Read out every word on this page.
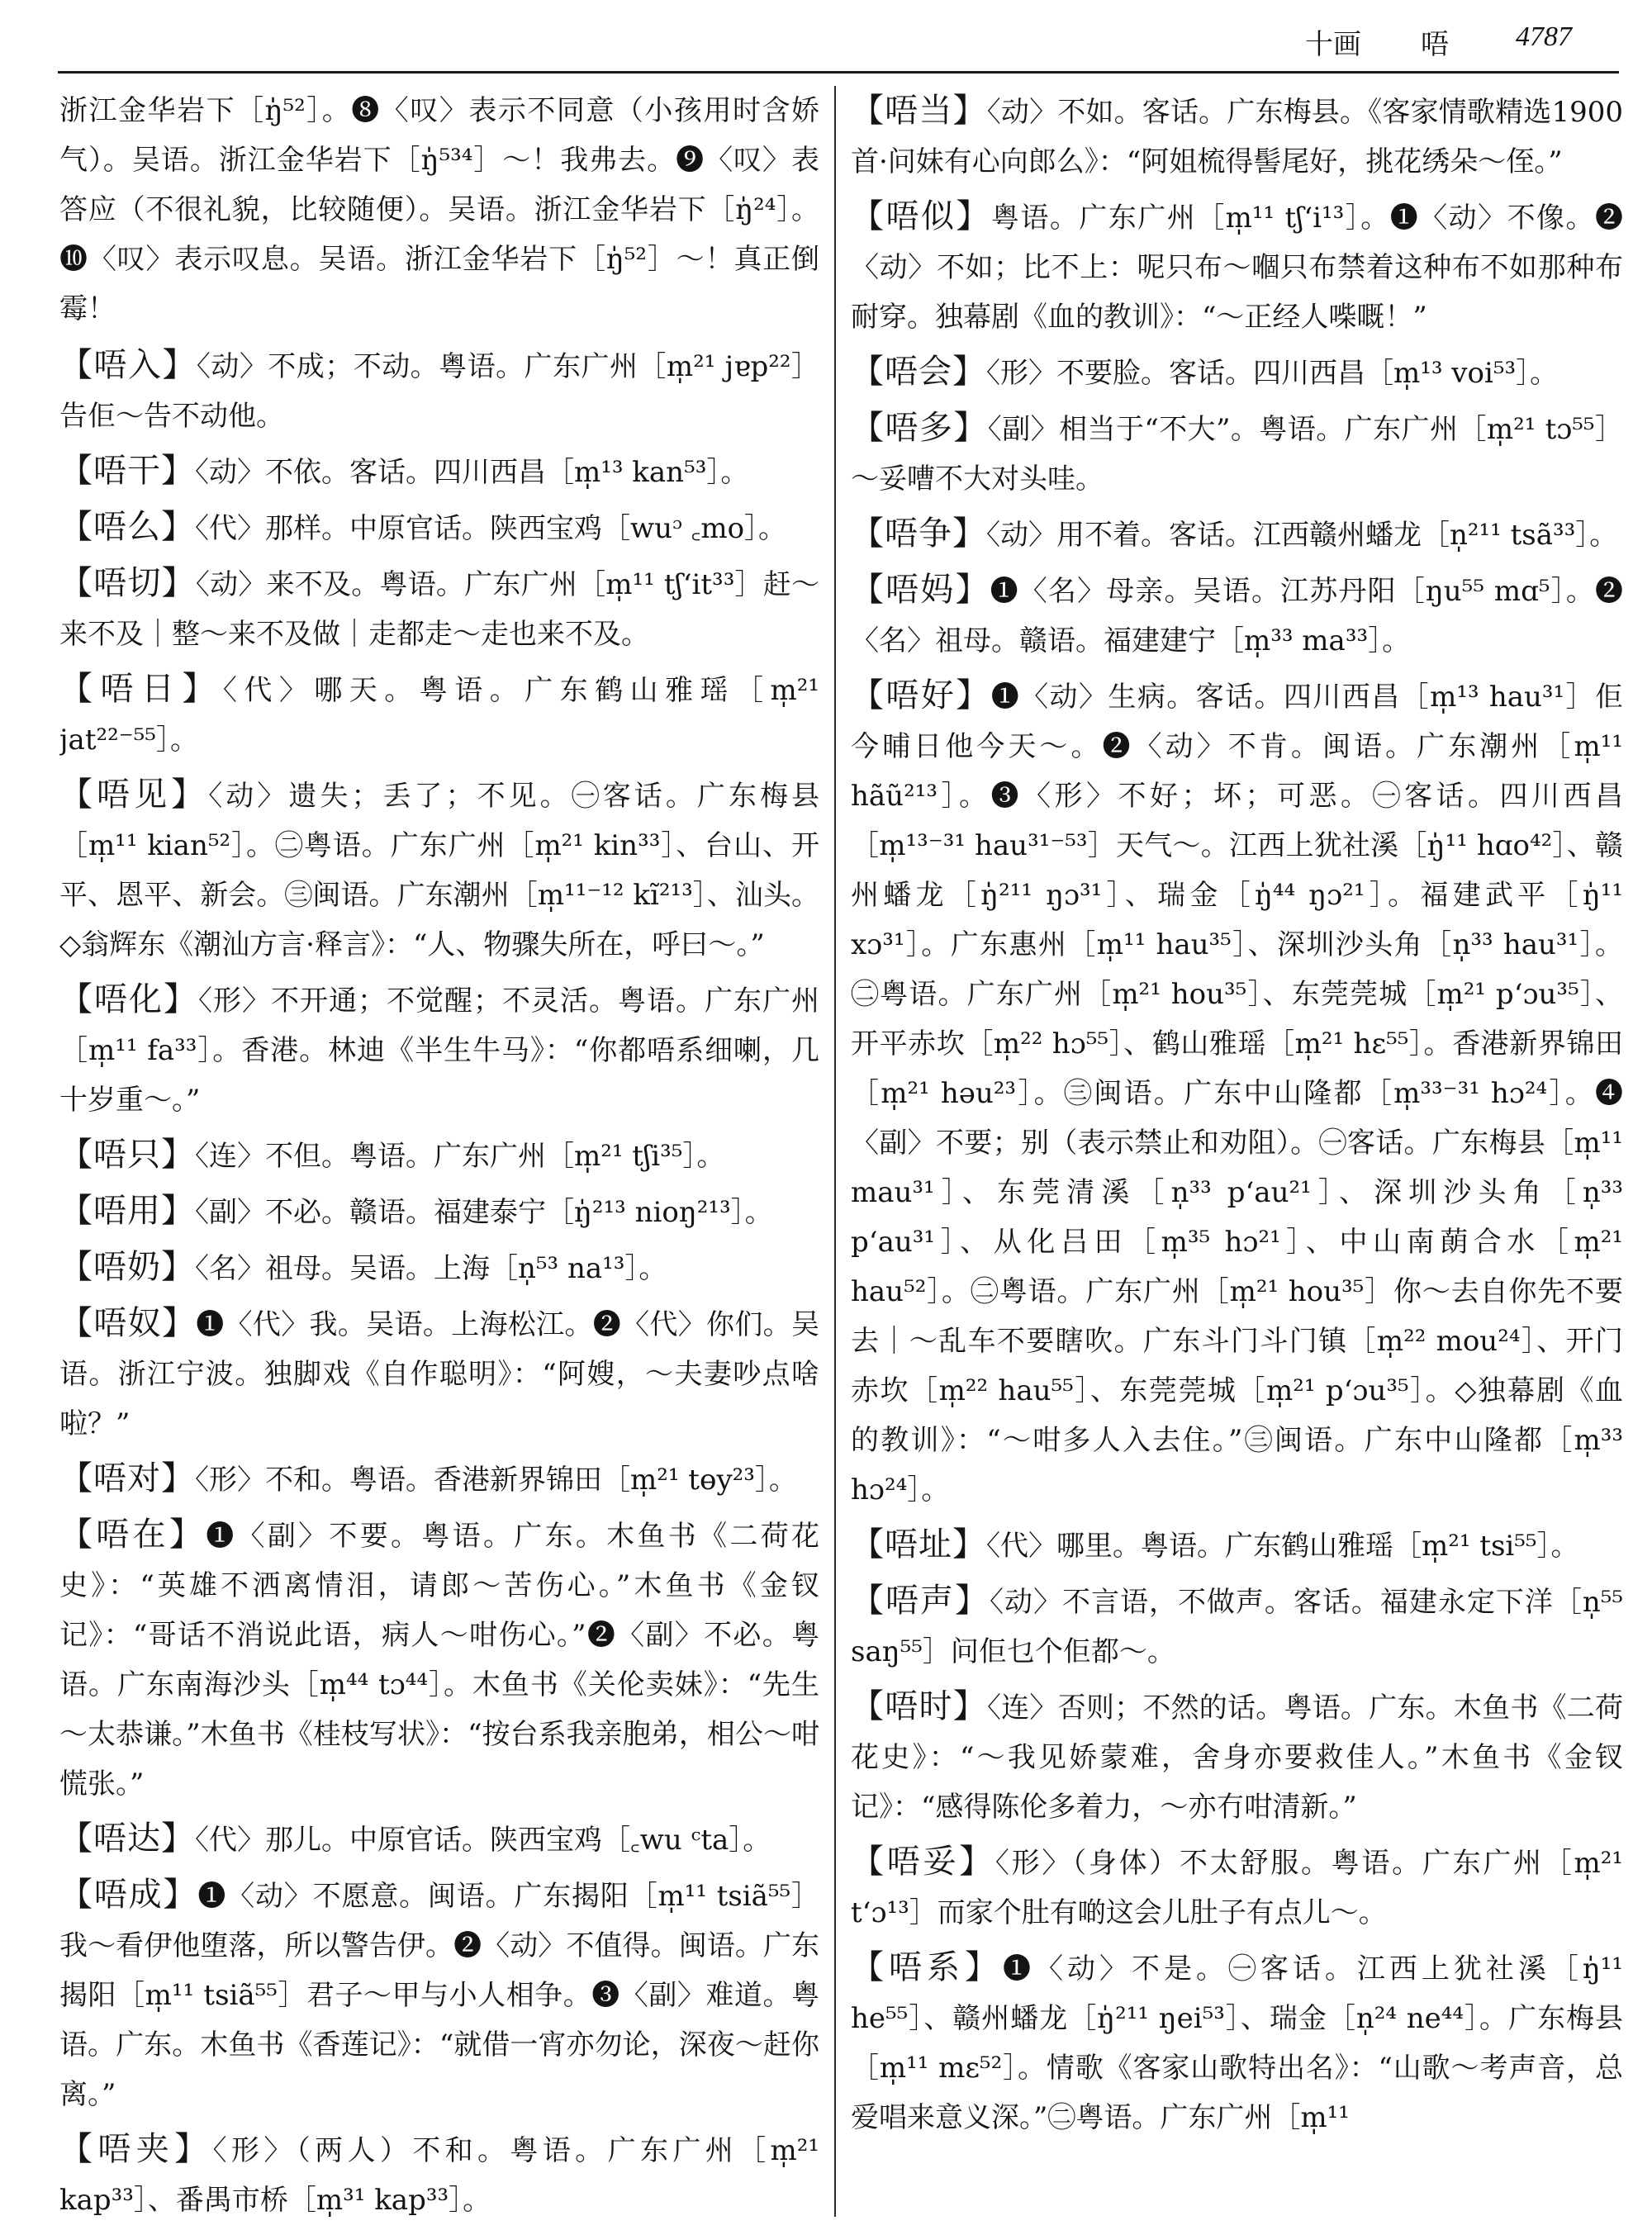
十画 唔 4787
浙江金华岩下［ŋ̍⁵²］。❽〈叹〉表示不同意（小孩用时含娇气）。吴语。浙江金华岩下［ŋ̍⁵³⁴］～！我弗去。❾〈叹〉表答应（不很礼貌，比较随便）。吴语。浙江金华岩下［ŋ̍²⁴］。❿〈叹〉表示叹息。吴语。浙江金华岩下［ŋ̍⁵²］～！真正倒霉！
【唔入】〈动〉不成；不动。粤语。广东广州［m̩²¹ jɐp²²］告佢～告不动他。
【唔干】〈动〉不依。客话。四川西昌［m̩¹³ kan⁵³］。
【唔么】〈代〉那样。中原官话。陕西宝鸡［wuᵓ ꜀mo］。
【唔切】〈动〉来不及。粤语。广东广州［m̩¹¹ tʃʻit³³］赶～来不及｜整～来不及做｜走都走～走也来不及。
【唔日】〈代〉哪天。粤语。广东鹤山雅瑶［m̩²¹ jat²²⁻⁵⁵］。
【唔见】〈动〉遗失；丢了；不见。㊀客话。广东梅县［m̩¹¹ kian⁵²］。㊁粤语。广东广州［m̩²¹ kin³³］、台山、开平、恩平、新会。㊂闽语。广东潮州［m̩¹¹⁻¹² kĩ²¹³］、汕头。◇翁辉东《潮汕方言·释言》：“人、物骤失所在，呼曰～。”
【唔化】〈形〉不开通；不觉醒；不灵活。粤语。广东广州［m̩¹¹ fa³³］。香港。林迪《半生牛马》：“你都唔系细喇，几十岁重～。”
【唔只】〈连〉不但。粤语。广东广州［m̩²¹ tʃi³⁵］。
【唔用】〈副〉不必。赣语。福建泰宁［ŋ̍²¹³ nioŋ²¹³］。
【唔奶】〈名〉祖母。吴语。上海［n̩⁵³ na¹³］。
【唔奴】❶〈代〉我。吴语。上海松江。❷〈代〉你们。吴语。浙江宁波。独脚戏《自作聪明》：“阿嫂，～夫妻吵点啥啦？”
【唔对】〈形〉不和。粤语。香港新界锦田［m̩²¹ tɵy²³］。
【唔在】❶〈副〉不要。粤语。广东。木鱼书《二荷花史》：“英雄不洒离情泪，请郎～苦伤心。”木鱼书《金钗记》：“哥话不消说此语，病人～咁伤心。”❷〈副〉不必。粤语。广东南海沙头［m̩⁴⁴ tɔ⁴⁴］。木鱼书《关伦卖妹》：“先生～太恭谦。”木鱼书《桂枝写状》：“按台系我亲胞弟，相公～咁慌张。”
【唔达】〈代〉那儿。中原官话。陕西宝鸡［꜀wu ᶜta］。
【唔成】❶〈动〉不愿意。闽语。广东揭阳［m̩¹¹ tsiã⁵⁵］我～看伊他堕落，所以警告伊。❷〈动〉不值得。闽语。广东揭阳［m̩¹¹ tsiã⁵⁵］君子～甲与小人相争。❸〈副〉难道。粤语。广东。木鱼书《香莲记》：“就借一宵亦勿论，深夜～赶你离。”
【唔夹】〈形〉（两人）不和。粤语。广东广州［m̩²¹ kap³³］、番禺市桥［m̩³¹ kap³³］。
【唔当】〈动〉不如。客话。广东梅县。《客家情歌精选1900首·问妹有心向郎么》：“阿姐梳得髻尾好，挑花绣朵～侄。”
【唔似】粤语。广东广州［m̩¹¹ tʃʻi¹³］。❶〈动〉不像。❷〈动〉不如；比不上：呢只布～嗰只布禁着这种布不如那种布耐穿。独幕剧《血的教训》：“～正经人喍嘅！”
【唔会】〈形〉不要脸。客话。四川西昌［m̩¹³ voi⁵³］。
【唔多】〈副〉相当于“不大”。粤语。广东广州［m̩²¹ tɔ⁵⁵］～妥嘈不大对头哇。
【唔争】〈动〉用不着。客话。江西赣州蟠龙［n̩²¹¹ tsã³³］。
【唔妈】❶〈名〉母亲。吴语。江苏丹阳［ŋu⁵⁵ mɑ⁵］。❷〈名〉祖母。赣语。福建建宁［m̩³³ ma³³］。
【唔好】❶〈动〉生病。客话。四川西昌［m̩¹³ hau³¹］佢今晡日他今天～。❷〈动〉不肯。闽语。广东潮州［m̩¹¹ hãũ²¹³］。❸〈形〉不好；坏；可恶。㊀客话。四川西昌［m̩¹³⁻³¹ hau³¹⁻⁵³］天气～。江西上犹社溪［ŋ̍¹¹ hɑo⁴²］、赣州蟠龙［ŋ̍²¹¹ ŋɔ³¹］、瑞金［ŋ̍⁴⁴ ŋɔ²¹］。福建武平［ŋ̍¹¹ xɔ³¹］。广东惠州［m̩¹¹ hau³⁵］、深圳沙头角［n̩³³ hau³¹］。㊁粤语。广东广州［m̩²¹ hou³⁵］、东莞莞城［m̩²¹ pʻɔu³⁵］、开平赤坎［m̩²² hɔ⁵⁵］、鹤山雅瑶［m̩²¹ hɛ⁵⁵］。香港新界锦田［m̩²¹ həu²³］。㊂闽语。广东中山隆都［m̩³³⁻³¹ hɔ²⁴］。❹〈副〉不要；别（表示禁止和劝阻）。㊀客话。广东梅县［m̩¹¹ mau³¹］、东莞清溪［n̩³³ pʻau²¹］、深圳沙头角［n̩³³ pʻau³¹］、从化吕田［m̩³⁵ hɔ²¹］、中山南蓢合水［m̩²¹ hau⁵²］。㊁粤语。广东广州［m̩²¹ hou³⁵］你～去自你先不要去｜～乱车不要瞎吹。广东斗门斗门镇［m̩²² mou²⁴］、开门赤坎［m̩²² hau⁵⁵］、东莞莞城［m̩²¹ pʻɔu³⁵］。◇独幕剧《血的教训》：“～咁多人入去住。”㊂闽语。广东中山隆都［m̩³³ hɔ²⁴］。
【唔址】〈代〉哪里。粤语。广东鹤山雅瑶［m̩²¹ tsi⁵⁵］。
【唔声】〈动〉不言语，不做声。客话。福建永定下洋［n̩⁵⁵ saŋ⁵⁵］问佢乜个佢都～。
【唔时】〈连〉否则；不然的话。粤语。广东。木鱼书《二荷花史》：“～我见娇蒙难，舍身亦要救佳人。”木鱼书《金钗记》：“感得陈伦多着力，～亦冇咁清新。”
【唔妥】〈形〉（身体）不太舒服。粤语。广东广州［m̩²¹ tʻɔ¹³］而家个肚有啲这会儿肚子有点儿～。
【唔系】❶〈动〉不是。㊀客话。江西上犹社溪［ŋ̍¹¹ he⁵⁵］、赣州蟠龙［ŋ̍²¹¹ ŋei⁵³］、瑞金［n̩²⁴ ne⁴⁴］。广东梅县［m̩¹¹ mɛ⁵²］。情歌《客家山歌特出名》：“山歌～考声音，总爱唱来意义深。”㊁粤语。广东广州［m̩¹¹
